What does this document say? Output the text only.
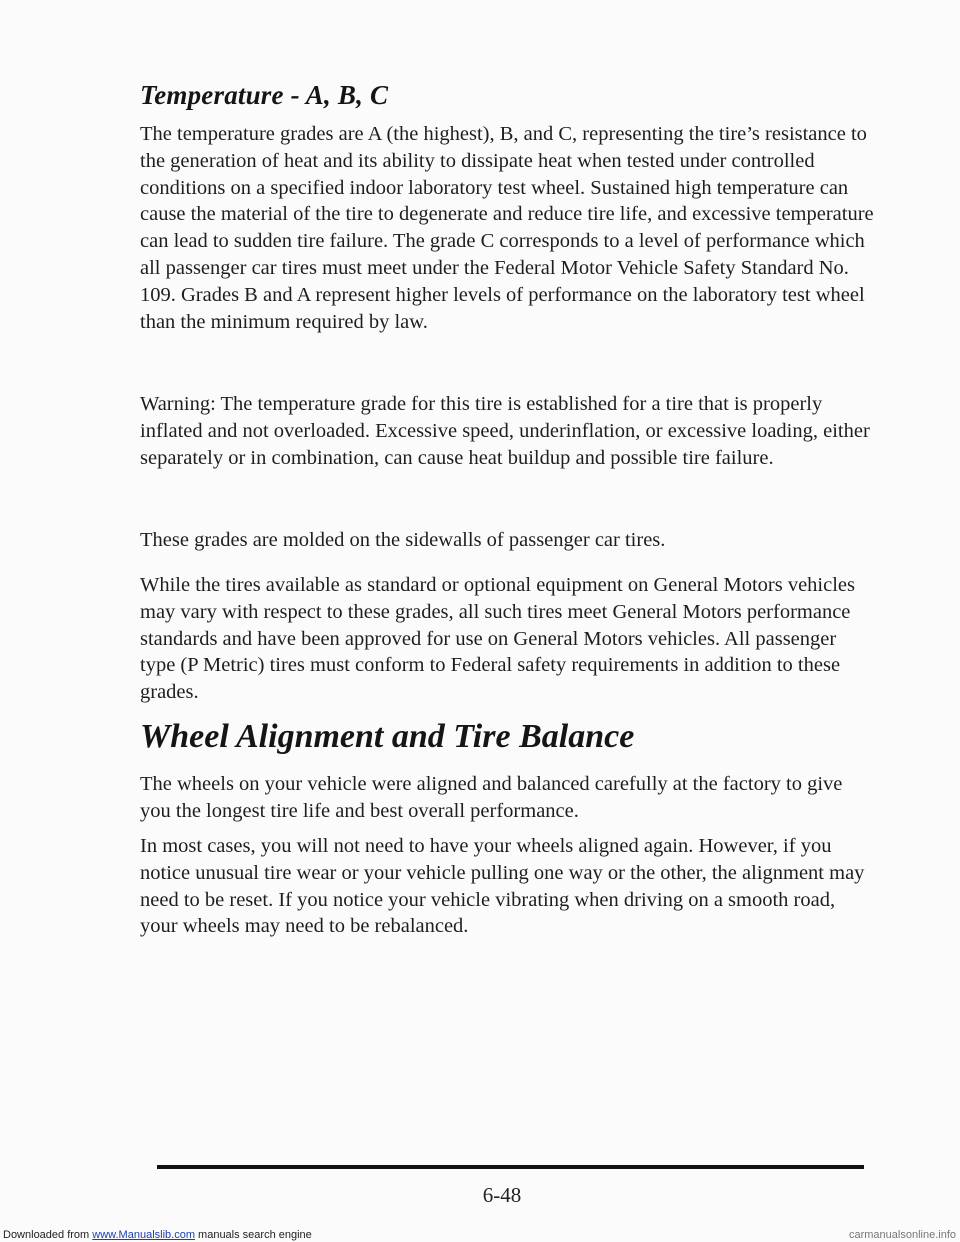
Temperature - A, B, C

The temperature grades are A (the highest), B, and C, representing the tire’s resistance to the generation of heat and its ability to dissipate heat when tested under controlled conditions on a specified indoor laboratory test wheel. Sustained high temperature can cause the material of the tire to degenerate and reduce tire life, and excessive temperature can lead to sudden tire failure. The grade C corresponds to a level of performance which all passenger car tires must meet under the Federal Motor Vehicle Safety Standard No. 109. Grades B and A represent higher levels of performance on the laboratory test wheel than the minimum required by law.

Warning: The temperature grade for this tire is established for a tire that is properly inflated and not overloaded. Excessive speed, underinflation, or excessive loading, either separately or in combination, can cause heat buildup and possible tire failure.

These grades are molded on the sidewalls of passenger car tires.

While the tires available as standard or optional equipment on General Motors vehicles may vary with respect to these grades, all such tires meet General Motors performance standards and have been approved for use on General Motors vehicles. All passenger type (P Metric) tires must conform to Federal safety requirements in addition to these grades.

Wheel Alignment and Tire Balance

The wheels on your vehicle were aligned and balanced carefully at the factory to give you the longest tire life and best overall performance.

In most cases, you will not need to have your wheels aligned again. However, if you notice unusual tire wear or your vehicle pulling one way or the other, the alignment may need to be reset. If you notice your vehicle vibrating when driving on a smooth road, your wheels may need to be rebalanced.

6-48
Downloaded from www.Manualslib.com manuals search engine	carmanualsonline.info
